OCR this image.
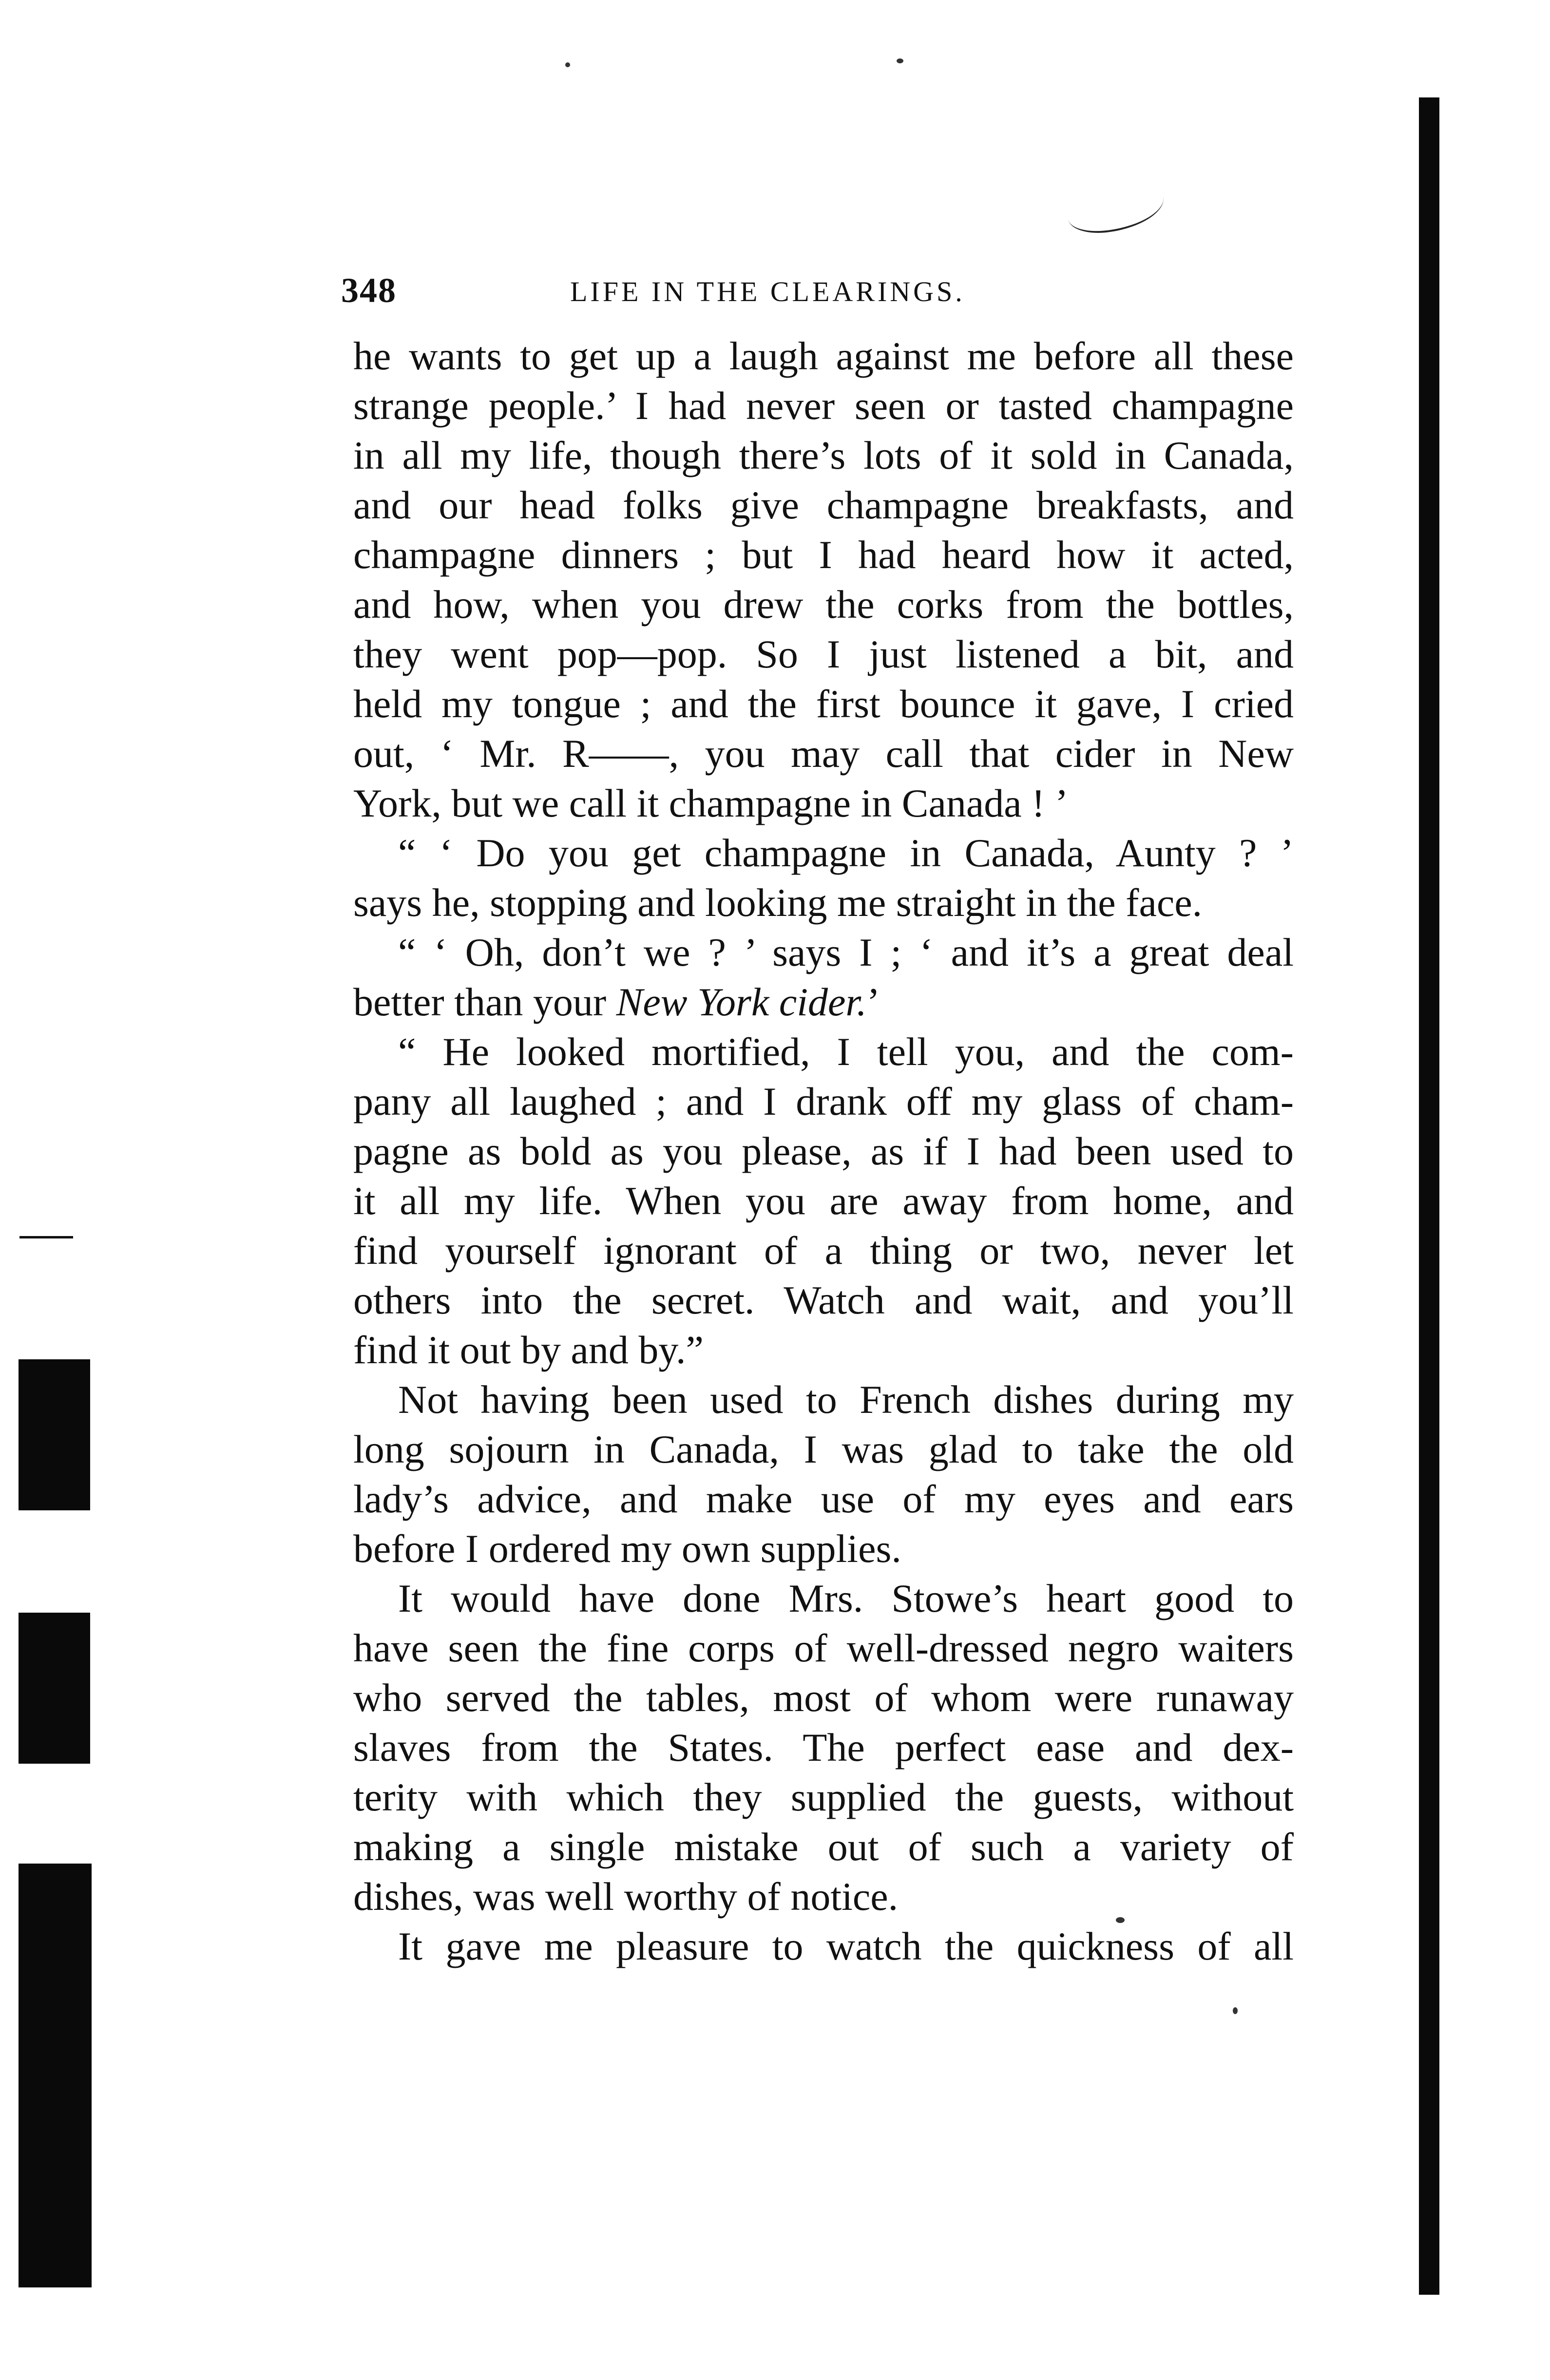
348	LIFE IN THE CLEARINGS.
he wants to get up a laugh against me before all these
strange people.’ I had never seen or tasted champagne
in all my life, though there’s lots of it sold in Canada,
and our head folks give champagne breakfasts, and
champagne dinners ; but I had heard how it acted,
and how, when you drew the corks from the bottles,
they went pop—pop. So I just listened a bit, and
held my tongue ; and the first bounce it gave, I cried
out, ‘ Mr. R——, you may call that cider in New
York, but we call it champagne in Canada ! ’
“ ‘ Do you get champagne in Canada, Aunty ? ’
says he, stopping and looking me straight in the face.
“ ‘ Oh, don’t we ? ’ says I ; ‘ and it’s a great deal
better than your New York cider.’
“ He looked mortified, I tell you, and the com-
pany all laughed ; and I drank off my glass of cham-
pagne as bold as you please, as if I had been used to
it all my life. When you are away from home, and
find yourself ignorant of a thing or two, never let
others into the secret. Watch and wait, and you’ll
find it out by and by.”
Not having been used to French dishes during my
long sojourn in Canada, I was glad to take the old
lady’s advice, and make use of my eyes and ears
before I ordered my own supplies.
It would have done Mrs. Stowe’s heart good to
have seen the fine corps of well-dressed negro waiters
who served the tables, most of whom were runaway
slaves from the States. The perfect ease and dex-
terity with which they supplied the guests, without
making a single mistake out of such a variety of
dishes, was well worthy of notice.
It gave me pleasure to watch the quickness of all
